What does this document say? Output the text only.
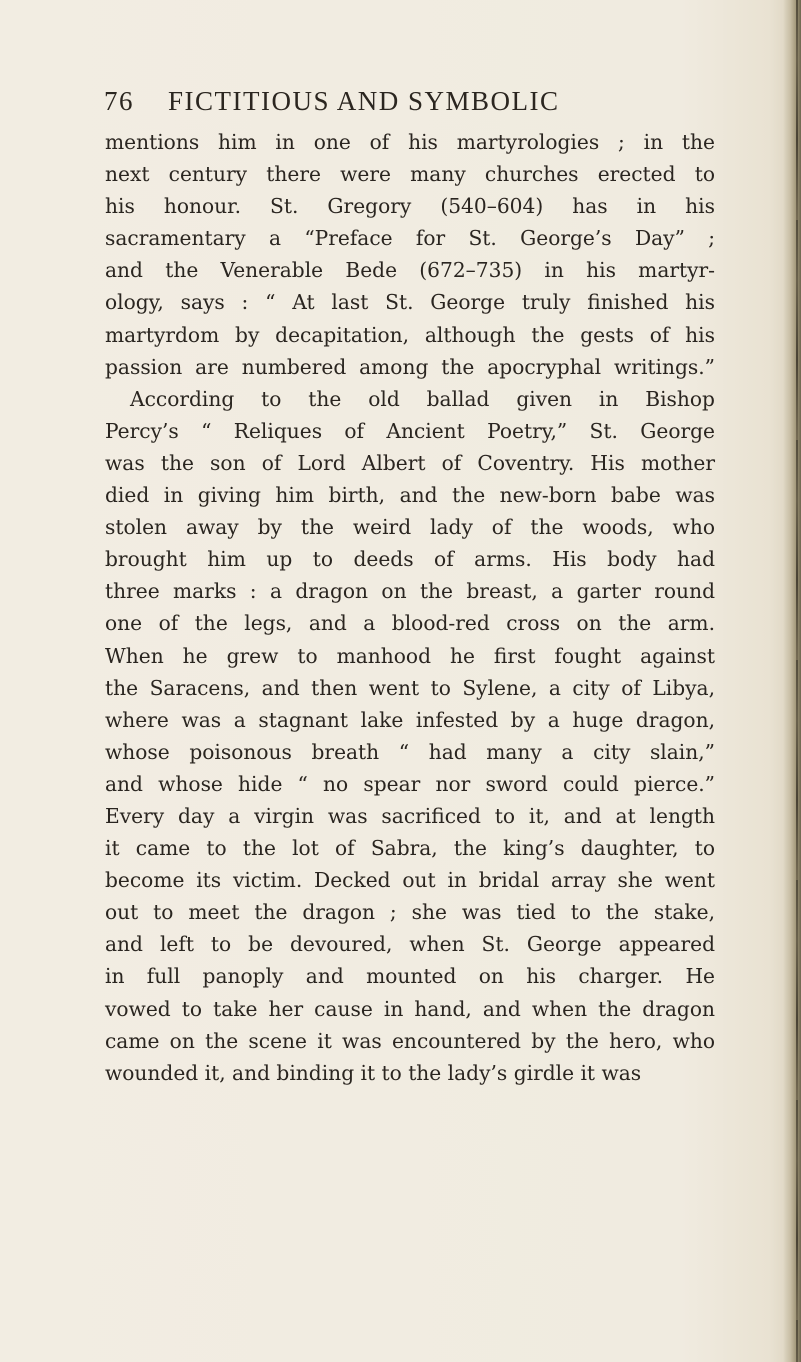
76 FICTITIOUS AND SYMBOLIC
mentions him in one of his martyrologies ; in the
next century there were many churches erected to
his honour. St. Gregory (540–604) has in his
sacramentary a “Preface for St. George’s Day” ;
and the Venerable Bede (672–735) in his martyr-
ology, says : “ At last St. George truly finished his
martyrdom by decapitation, although the gests of his
passion are numbered among the apocryphal writings.”
According to the old ballad given in Bishop
Percy’s “ Reliques of Ancient Poetry,” St. George
was the son of Lord Albert of Coventry. His mother
died in giving him birth, and the new-born babe was
stolen away by the weird lady of the woods, who
brought him up to deeds of arms. His body had
three marks : a dragon on the breast, a garter round
one of the legs, and a blood-red cross on the arm.
When he grew to manhood he first fought against
the Saracens, and then went to Sylene, a city of Libya,
where was a stagnant lake infested by a huge dragon,
whose poisonous breath “ had many a city slain,”
and whose hide “ no spear nor sword could pierce.”
Every day a virgin was sacrificed to it, and at length
it came to the lot of Sabra, the king’s daughter, to
become its victim. Decked out in bridal array she went
out to meet the dragon ; she was tied to the stake,
and left to be devoured, when St. George appeared
in full panoply and mounted on his charger. He
vowed to take her cause in hand, and when the dragon
came on the scene it was encountered by the hero, who
wounded it, and binding it to the lady’s girdle it was
